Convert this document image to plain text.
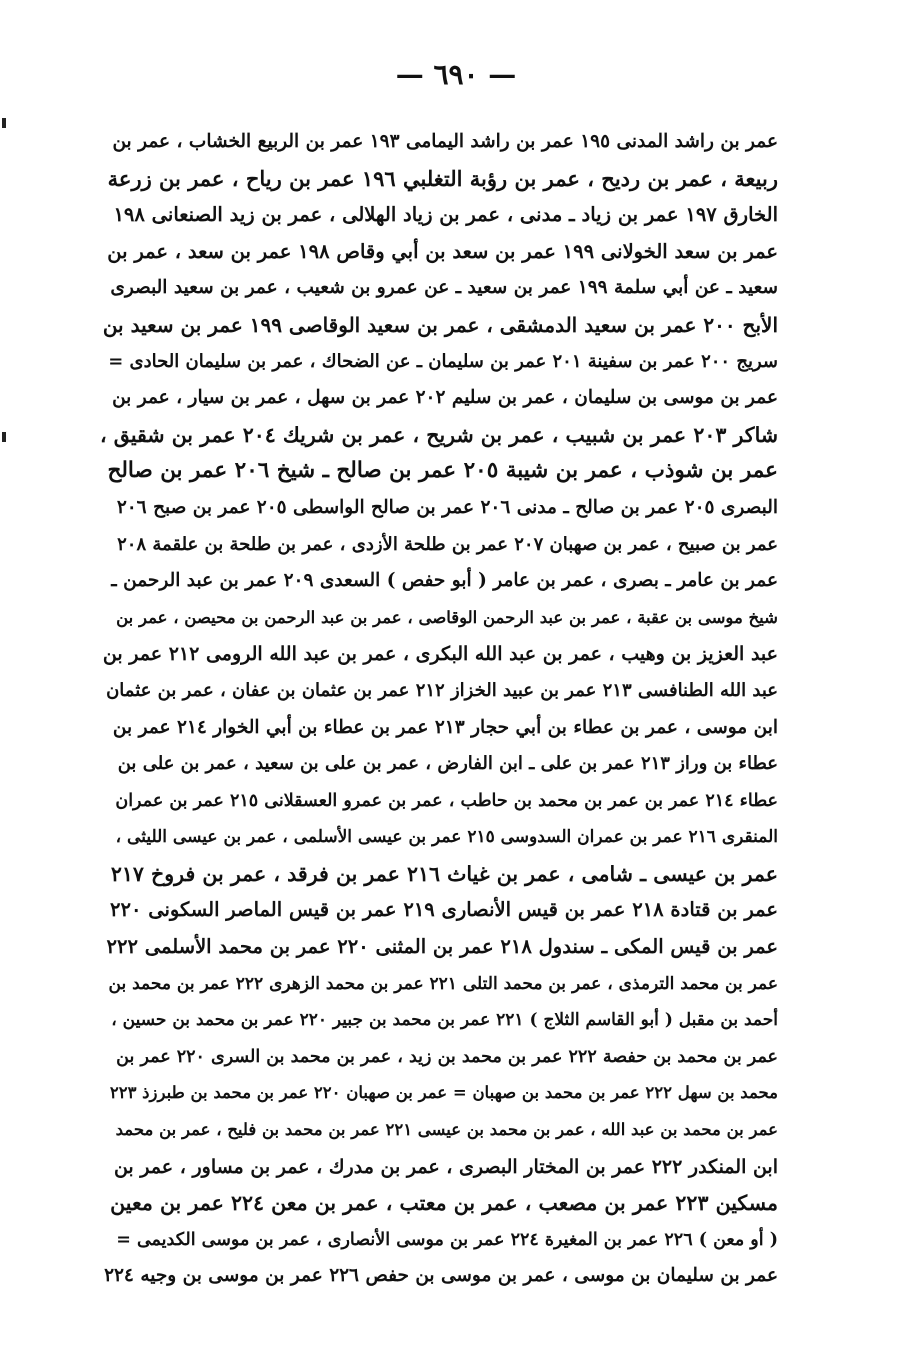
— ٦٩٠ —
عمر بن راشد المدنى ١٩٥ عمر بن راشد اليمامى ١٩٣ عمر بن الربيع الخشاب ، عمر بن
ربيعة ، عمر بن ردیح ، عمر بن رؤبة التغلبي ١٩٦ عمر بن رياح ، عمر بن زرعة
الخارق ١٩٧ عمر بن زياد ـ مدنى ، عمر بن زياد الهلالى ، عمر بن زيد الصنعانى ١٩٨
عمر بن سعد الخولانى ١٩٩ عمر بن سعد بن أبي وقاص ١٩٨ عمر بن سعد ، عمر بن
سعيد ـ عن أبي سلمة ١٩٩ عمر بن سعيد ـ عن عمرو بن شعيب ، عمر بن سعيد البصرى
الأبح ٢٠٠ عمر بن سعيد الدمشقى ، عمر بن سعيد الوقاصى ١٩٩ عمر بن سعيد بن
سريج ٢٠٠ عمر بن سفينة ٢٠١ عمر بن سليمان ـ عن الضحاك ، عمر بن سليمان الحادى =
عمر بن موسى بن سليمان ، عمر بن سليم ٢٠٢ عمر بن سهل ، عمر بن سيار ، عمر بن
شاكر ٢٠٣ عمر بن شبيب ، عمر بن شريح ، عمر بن شريك ٢٠٤ عمر بن شقيق ،
عمر بن شوذب ، عمر بن شيبة ٢٠٥ عمر بن صالح ـ شيخ ٢٠٦ عمر بن صالح
البصرى ٢٠٥ عمر بن صالح ـ مدنى ٢٠٦ عمر بن صالح الواسطى ٢٠٥ عمر بن صبح ٢٠٦
عمر بن صبيح ، عمر بن صهبان ٢٠٧ عمر بن طلحة الأزدى ، عمر بن طلحة بن علقمة ٢٠٨
عمر بن عامر ـ بصرى ، عمر بن عامر ( أبو حفص ) السعدى ٢٠٩ عمر بن عبد الرحمن ـ
شيخ موسى بن عقبة ، عمر بن عبد الرحمن الوقاصى ، عمر بن عبد الرحمن بن محيصن ، عمر بن
عبد العزيز بن وهيب ، عمر بن عبد الله البكرى ، عمر بن عبد الله الرومى ٢١٢ عمر بن
عبد الله الطنافسى ٢١٣ عمر بن عبيد الخزاز ٢١٢ عمر بن عثمان بن عفان ، عمر بن عثمان
ابن موسى ، عمر بن عطاء بن أبي حجار ٢١٣ عمر بن عطاء بن أبي الخوار ٢١٤ عمر بن
عطاء بن وراز ٢١٣ عمر بن على ـ ابن الفارض ، عمر بن على بن سعيد ، عمر بن على بن
عطاء ٢١٤ عمر بن عمر بن محمد بن حاطب ، عمر بن عمرو العسقلانى ٢١٥ عمر بن عمران
المنقرى ٢١٦ عمر بن عمران السدوسى ٢١٥ عمر بن عيسى الأسلمى ، عمر بن عيسى الليثى ،
عمر بن عيسى ـ شامى ، عمر بن غياث ٢١٦ عمر بن فرقد ، عمر بن فروخ ٢١٧
عمر بن قتادة ٢١٨ عمر بن قيس الأنصارى ٢١٩ عمر بن قيس الماصر السكونى ٢٢٠
عمر بن قيس المكى ـ سندول ٢١٨ عمر بن المثنى ٢٢٠ عمر بن محمد الأسلمى ٢٢٢
عمر بن محمد الترمذى ، عمر بن محمد التلى ٢٢١ عمر بن محمد الزهرى ٢٢٢ عمر بن محمد بن
أحمد بن مقبل ( أبو القاسم الثلاج ) ٢٢١ عمر بن محمد بن جبير ٢٢٠ عمر بن محمد بن حسين ،
عمر بن محمد بن حفصة ٢٢٢ عمر بن محمد بن زيد ، عمر بن محمد بن السرى ٢٢٠ عمر بن
محمد بن سهل ٢٢٢ عمر بن محمد بن صهبان = عمر بن صهبان ٢٢٠ عمر بن محمد بن طبرزذ ٢٢٣
عمر بن محمد بن عبد الله ، عمر بن محمد بن عيسى ٢٢١ عمر بن محمد بن فليح ، عمر بن محمد
ابن المنكدر ٢٢٢ عمر بن المختار البصرى ، عمر بن مدرك ، عمر بن مساور ، عمر بن
مسكين ٢٢٣ عمر بن مصعب ، عمر بن معتب ، عمر بن معن ٢٢٤ عمر بن معين
( أو معن ) ٢٢٦ عمر بن المغيرة ٢٢٤ عمر بن موسى الأنصارى ، عمر بن موسى الكديمى =
عمر بن سليمان بن موسى ، عمر بن موسى بن حفص ٢٢٦ عمر بن موسى بن وجيه ٢٢٤
